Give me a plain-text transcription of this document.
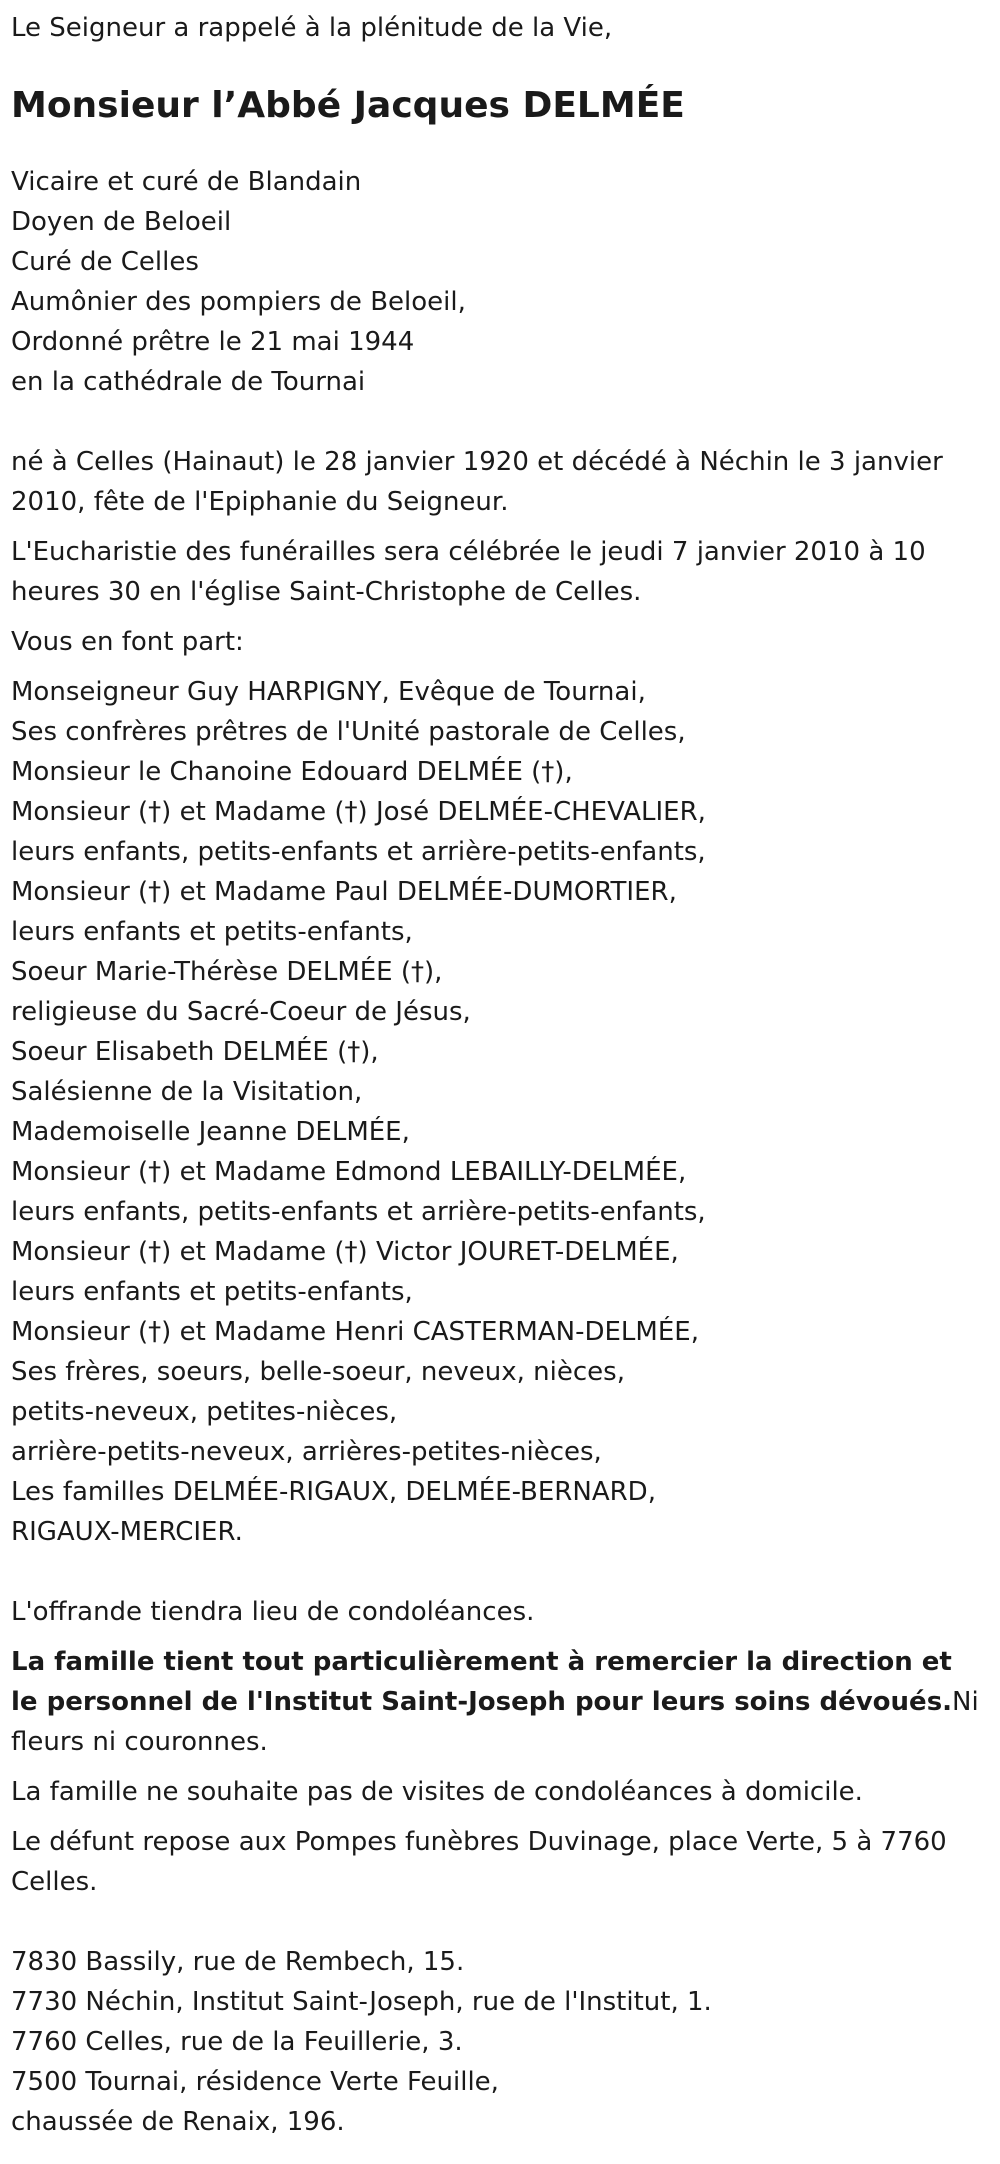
Le Seigneur a rappelé à la plénitude de la Vie,
Monsieur l’Abbé Jacques DELMÉE
Vicaire et curé de Blandain
Doyen de Beloeil
Curé de Celles
Aumônier des pompiers de Beloeil,
Ordonné prêtre le 21 mai 1944
en la cathédrale de Tournai
né à Celles (Hainaut) le 28 janvier 1920 et décédé à Néchin le 3 janvier 2010, fête de l'Epiphanie du Seigneur.
L'Eucharistie des funérailles sera célébrée le jeudi 7 janvier 2010 à 10 heures 30 en l'église Saint-Christophe de Celles.
Vous en font part:
Monseigneur Guy HARPIGNY, Evêque de Tournai,
Ses confrères prêtres de l'Unité pastorale de Celles,
Monsieur le Chanoine Edouard DELMÉE (†),
Monsieur (†) et Madame (†) José DELMÉE-CHEVALIER,
leurs enfants, petits-enfants et arrière-petits-enfants,
Monsieur (†) et Madame Paul DELMÉE-DUMORTIER,
leurs enfants et petits-enfants,
Soeur Marie-Thérèse DELMÉE (†),
religieuse du Sacré-Coeur de Jésus,
Soeur Elisabeth DELMÉE (†),
Salésienne de la Visitation,
Mademoiselle Jeanne DELMÉE,
Monsieur (†) et Madame Edmond LEBAILLY-DELMÉE,
leurs enfants, petits-enfants et arrière-petits-enfants,
Monsieur (†) et Madame (†) Victor JOURET-DELMÉE,
leurs enfants et petits-enfants,
Monsieur (†) et Madame Henri CASTERMAN-DELMÉE,
Ses frères, soeurs, belle-soeur, neveux, nièces,
petits-neveux, petites-nièces,
arrière-petits-neveux, arrières-petites-nièces,
Les familles DELMÉE-RIGAUX, DELMÉE-BERNARD,
RIGAUX-MERCIER.
L'offrande tiendra lieu de condoléances.
La famille tient tout particulièrement à remercier la direction et le personnel de l'Institut Saint-Joseph pour leurs soins dévoués.Ni fleurs ni couronnes.
La famille ne souhaite pas de visites de condoléances à domicile.
Le défunt repose aux Pompes funèbres Duvinage, place Verte, 5 à 7760 Celles.
7830 Bassily, rue de Rembech, 15.
7730 Néchin, Institut Saint-Joseph, rue de l'Institut, 1.
7760 Celles, rue de la Feuillerie, 3.
7500 Tournai, résidence Verte Feuille,
chaussée de Renaix, 196.
